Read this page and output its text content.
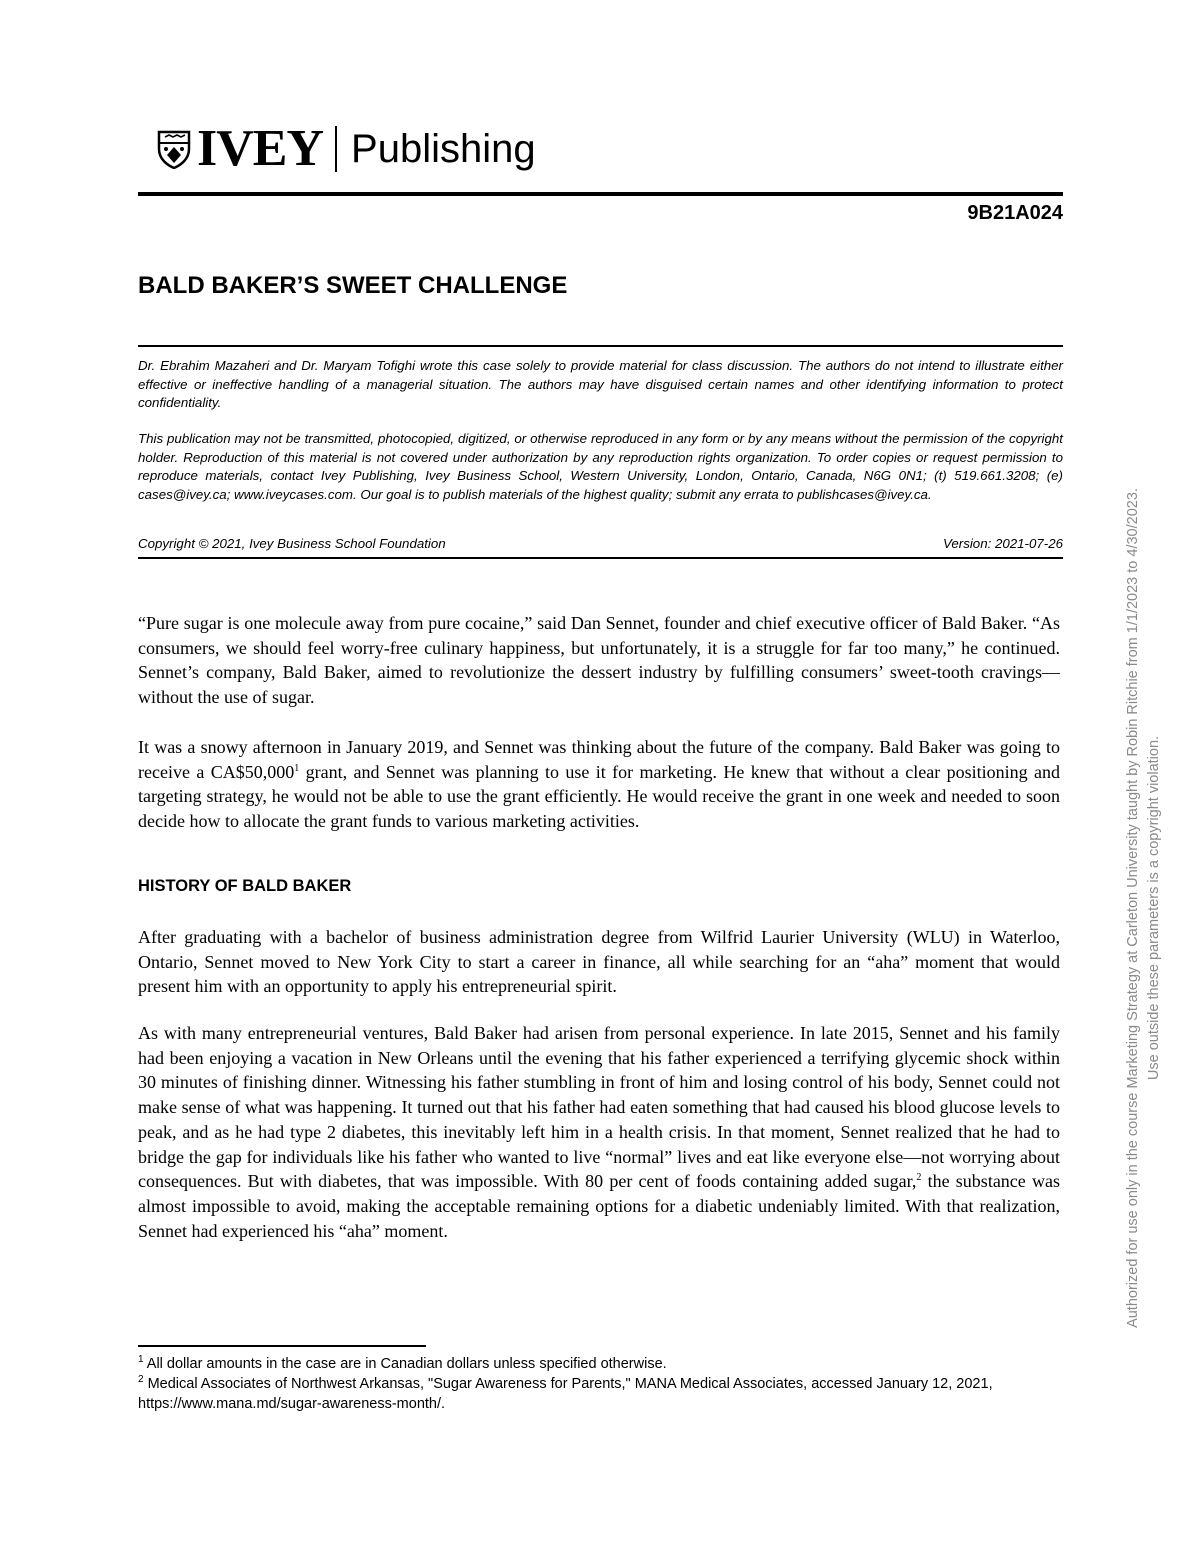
IVEY Publishing
9B21A024
BALD BAKER’S SWEET CHALLENGE

Dr. Ebrahim Mazaheri and Dr. Maryam Tofighi wrote this case solely to provide material for class discussion. The authors do not intend to illustrate either effective or ineffective handling of a managerial situation. The authors may have disguised certain names and other identifying information to protect confidentiality.

This publication may not be transmitted, photocopied, digitized, or otherwise reproduced in any form or by any means without the permission of the copyright holder. Reproduction of this material is not covered under authorization by any reproduction rights organization. To order copies or request permission to reproduce materials, contact Ivey Publishing, Ivey Business School, Western University, London, Ontario, Canada, N6G 0N1; (t) 519.661.3208; (e) cases@ivey.ca; www.iveycases.com. Our goal is to publish materials of the highest quality; submit any errata to publishcases@ivey.ca.

Copyright © 2021, Ivey Business School Foundation	Version: 2021-07-26

“Pure sugar is one molecule away from pure cocaine,” said Dan Sennet, founder and chief executive officer of Bald Baker. “As consumers, we should feel worry-free culinary happiness, but unfortunately, it is a struggle for far too many,” he continued. Sennet’s company, Bald Baker, aimed to revolutionize the dessert industry by fulfilling consumers’ sweet-tooth cravings—without the use of sugar.

It was a snowy afternoon in January 2019, and Sennet was thinking about the future of the company. Bald Baker was going to receive a CA$50,000$^1$ grant, and Sennet was planning to use it for marketing. He knew that without a clear positioning and targeting strategy, he would not be able to use the grant efficiently. He would receive the grant in one week and needed to soon decide how to allocate the grant funds to various marketing activities.

HISTORY OF BALD BAKER

After graduating with a bachelor of business administration degree from Wilfrid Laurier University (WLU) in Waterloo, Ontario, Sennet moved to New York City to start a career in finance, all while searching for an “aha” moment that would present him with an opportunity to apply his entrepreneurial spirit.

As with many entrepreneurial ventures, Bald Baker had arisen from personal experience. In late 2015, Sennet and his family had been enjoying a vacation in New Orleans until the evening that his father experienced a terrifying glycemic shock within 30 minutes of finishing dinner. Witnessing his father stumbling in front of him and losing control of his body, Sennet could not make sense of what was happening. It turned out that his father had eaten something that had caused his blood glucose levels to peak, and as he had type 2 diabetes, this inevitably left him in a health crisis. In that moment, Sennet realized that he had to bridge the gap for individuals like his father who wanted to live “normal” lives and eat like everyone else—not worrying about consequences. But with diabetes, that was impossible. With 80 per cent of foods containing added sugar,$^2$ the substance was almost impossible to avoid, making the acceptable remaining options for a diabetic undeniably limited. With that realization, Sennet had experienced his “aha” moment.

$^1$ All dollar amounts in the case are in Canadian dollars unless specified otherwise.

$^2$ Medical Associates of Northwest Arkansas, "Sugar Awareness for Parents," MANA Medical Associates, accessed January 12, 2021, https://www.mana.md/sugar-awareness-month/.

Authorized for use only in the course Marketing Strategy at Carleton University taught by Robin Ritchie from 1/1/2023 to 4/30/2023. Use outside these parameters is a copyright violation.
